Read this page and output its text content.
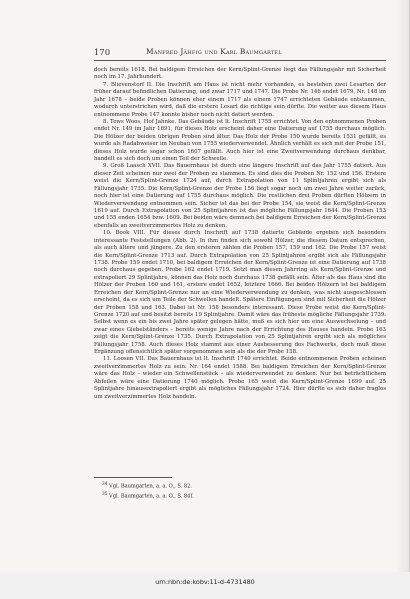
170	Manfred Jähfig und Karl Baumgartel

doch bereits 1618. Bei baldigem Erreichen der Kern/Splint-Grenze liegt das Fällungsjahr mit Sicherheit noch im 17. Jahrhundert.

7. Blievenstorf II. Die Inschrift am Haus ist nicht mehr vorhanden, es bestehen zwei Lesarten der früher darauf befindlichen Datierung, und zwar 1717 und 1747. Die Probe Nr. 146 endet 1679, Nr. 148 im Jahr 1678 – beide Proben können eher einem 1717 als einem 1747 errichteten Gebäude entstammen, wodurch unterstrichen wird, daß die erstere Lesart die richtige sein dürfte. Die weiter aus diesem Haus entnommene Probe 147 konnte bisher noch nicht datiert werden.

8. Tews Woos, Hof Jahnke. Das Gebäude ist lt. Inschrift 1755 errichtet. Von den entnommenen Proben endet Nr. 149 im Jahr 1691, für dieses Holz erscheint daher eine Datierung auf 1755 durchaus möglich. Die Hölzer der beiden übrigen Proben sind älter. Das Holz der Probe 150 wurde bereits 1531 gefällt, es wurde als Radabweiser im Neubau von 1755 wiederverwendet. Ähnlich verhält es sich mit der Probe 151, dieses Holz wurde sogar schon 1607 gefällt. Auch hier ist eine Zweitverwendung durchaus denkbar, handelt es sich doch um einen Teil der Schwelle.

9. Groß Laasch XVII. Das Bauernhaus ist durch eine längere Inschrift auf das Jahr 1755 datiert. Aus dieser Zeit scheinen nur zwei der Proben zu stammen. Es sind dies die Proben Nr. 152 und 156. Erstere weist die Kern/Splint-Grenze 1724 auf, durch Extrapolation von 11 Splintjahren ergibt sich als Fällungsjahr 1735. Die Kern/Splint-Grenze der Probe 156 liegt sogar noch um zwei Jahre weiter zurück, noch hier ist eine Datierung auf 1755 durchaus möglich. Die restlichen drei Proben dürften Hölzern in Wiederverwendung entnommen sein. Sicher ist das bei der Probe 154, sie weist die Kern/Splint-Grenze 1619 auf. Durch Extrapolation von 25 Splintjahren ist das mögliche Fällungsjahr 1644. Die Proben 153 und 155 enden 1654 bzw. 1609. Bei beiden wäre demnach bei baldigem Erreichen der Kern/Splint-Grenze ebenfalls an zweitverzimmertes Holz zu denken.

10. Book VIII. Für dieses durch Inschrift auf 1738 datierte Gebäude ergeben sich besonders interessante Feststellungen (Abb. 2). In ihm finden sich sowohl Hölzer, die diesem Datum entsprechen, als auch ältere und jüngere. Zu den ersteren zählen die Proben 157, 159 und 162. Die Probe 157 weist die Kern/Splint-Grenze 1713 auf. Durch Extrapolation von 25 Splintjahren ergibt sich als Fällungsjahr 1738. Probe 159 endet 1710, bei baldigem Erreichen der Kern/Splint-Grenze ist eine Datierung auf 1738 noch durchaus gegeben. Probe 162 endet 1719. Setzt man diesen Jahrring als Kern/Splint-Grenze und extrapoliert 29 Splintjahre, können das Holz noch durchaus 1738 gefällt sein. Älter als das Haus sind die Hölzer der Proben 160 und 161, erstere endet 1652, letztere 1666. Bei beiden Hölzern ist bei baldigem Erreichen der Kern/Splint-Grenze nur an eine Wiederverwendung zu denken, was nicht ausgeschlossen erscheint, da es sich um Teile der Schwellen handelt. Spätere Einfügungen sind mit Sicherheit die Hölzer der Proben 158 und 163. Dabei ist Nr. 158 besonders interessant. Diese Probe weist die Kern/Splint-Grenze 1720 auf und besitzt bereits 19 Splintjahre. Damit wäre das früheste mögliche Fällungsjahr 1739. Selbst wenn es ein bis zwei Jahre später gelegen hätte, muß es sich hier um eine Auswechselung – und zwar eines Giebelständers – bereits wenige Jahre nach der Errichtung des Hauses handeln. Probe 163 zeigt die Kern/Splint-Grenze 1735. Durch Extrapolation von 25 Splintjahren ergibt sich als mögliches Fällungsjahr 1758. Auch dieses Holz stammt aus einer Ausbesserung des Fachwerks, doch muß diese Ergänzung offensichtlich später vorgenommen sein als die der Probe 158.

11. Loosen VII. Das Bauernhaus ist lt. Inschrift 1740 errichtet. Beide entnommenen Proben scheinen zweitverzimmertes Holz zu sein. Nr. 164 endet 1588. Bei baldigem Erreichen der Kern/Splint-Grenze wäre das Holz – wieder ein Schwellenstück – als wiederverwendet zu denken. Nur bei beträchtlichem Abfeilen wäre eine Datierung 1740 möglich. Probe 165 weist die Kern/Splint-Grenze 1699 auf. 25 Splintjahre hinausextrapoliert ergibt als mögliches Fällungsjahr 1724. Hier dürfte es sich daher fraglos um zweitverzimmertes Holz handeln.

$^{34}$ Vgl. Baumgarten, a. a. O., S. 82.
$^{35}$ Vgl. Baumgarten, a. a. O., S. 84f.
urn:nbn:de:kobv:11-d-4731480
